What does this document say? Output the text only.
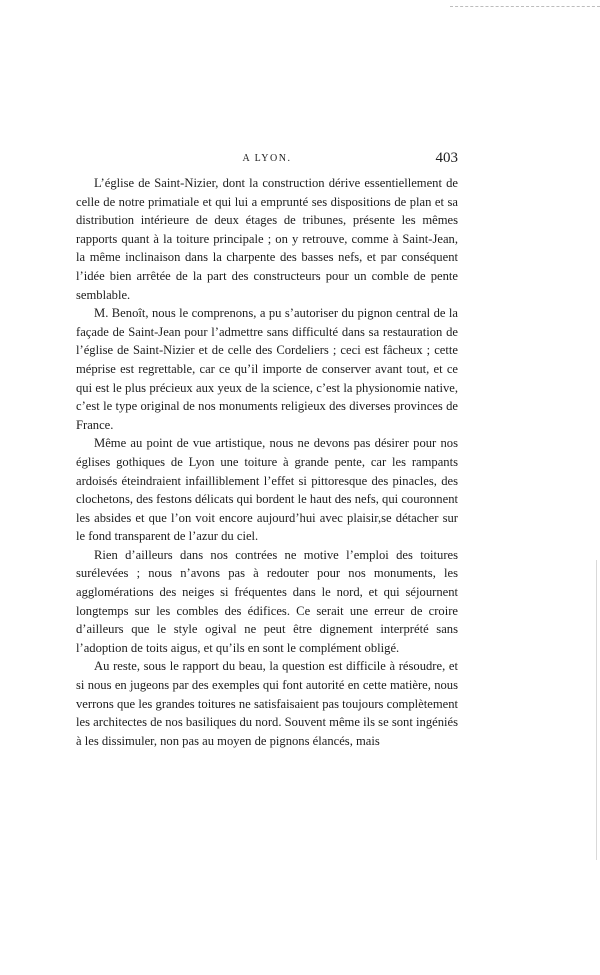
A LYON.	403

L’église de Saint-Nizier, dont la construction dérive essentiellement de celle de notre primatiale et qui lui a emprunté ses dispositions de plan et sa distribution intérieure de deux étages de tribunes, présente les mêmes rapports quant à la toiture principale ; on y retrouve, comme à Saint-Jean, la même inclinaison dans la charpente des basses nefs, et par conséquent l’idée bien arrêtée de la part des constructeurs pour un comble de pente semblable.

M. Benoît, nous le comprenons, a pu s’autoriser du pignon central de la façade de Saint-Jean pour l’admettre sans difficulté dans sa restauration de l’église de Saint-Nizier et de celle des Cordeliers ; ceci est fâcheux ; cette méprise est regrettable, car ce qu’il importe de conserver avant tout, et ce qui est le plus précieux aux yeux de la science, c’est la physionomie native, c’est le type original de nos monuments religieux des diverses provinces de France.

Même au point de vue artistique, nous ne devons pas désirer pour nos églises gothiques de Lyon une toiture à grande pente, car les rampants ardoisés éteindraient infailliblement l’effet si pittoresque des pinacles, des clochetons, des festons délicats qui bordent le haut des nefs, qui couronnent les absides et que l’on voit encore aujourd’hui avec plaisir,se détacher sur le fond transparent de l’azur du ciel.

Rien d’ailleurs dans nos contrées ne motive l’emploi des toitures surélevées ; nous n’avons pas à redouter pour nos monuments, les agglomérations des neiges si fréquentes dans le nord, et qui séjournent longtemps sur les combles des édifices. Ce serait une erreur de croire d’ailleurs que le style ogival ne peut être dignement interprété sans l’adoption de toits aigus, et qu’ils en sont le complément obligé.

Au reste, sous le rapport du beau, la question est difficile à résoudre, et si nous en jugeons par des exemples qui font autorité en cette matière, nous verrons que les grandes toitures ne satisfaisaient pas toujours complètement les architectes de nos basiliques du nord. Souvent même ils se sont ingéniés à les dissimuler, non pas au moyen de pignons élancés, mais
